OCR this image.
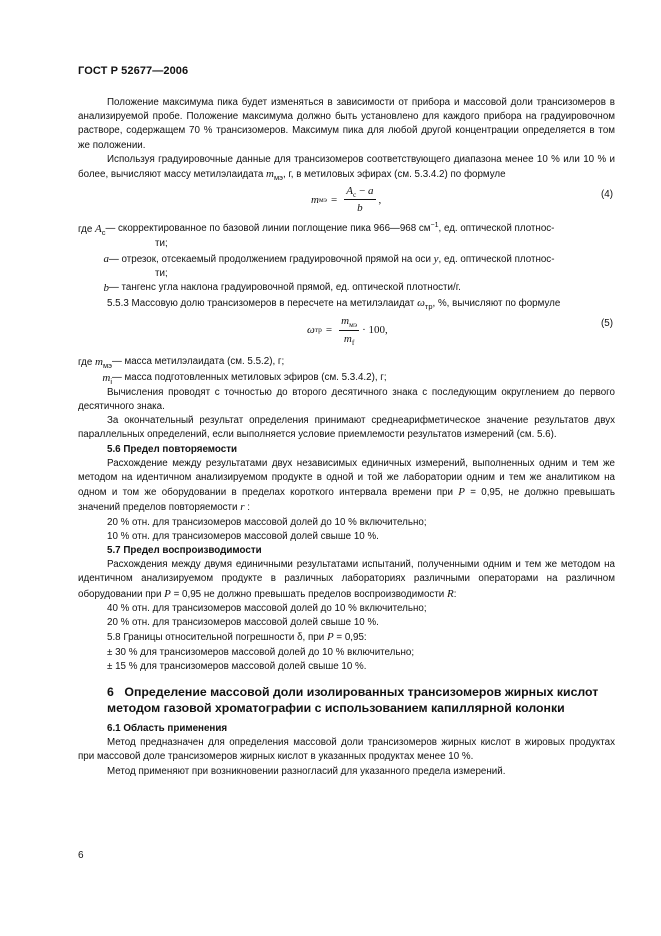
ГОСТ Р 52677—2006

Положение максимума пика будет изменяться в зависимости от прибора и массовой доли трансизомеров в анализируемой пробе. Положение максимума должно быть установлено для каждого прибора на градуировочном растворе, содержащем 70 % трансизомеров. Максимум пика для любой другой концентрации определяется в том же положении.

Используя градуировочные данные для трансизомеров соответствующего диапазона менее 10 % или 10 % и более, вычисляют массу метилэлаидата $m_{мэ}$, г, в метиловых эфирах (см. 5.3.4.2) по формуле

m мэ = $\frac{A_с - a}{b}$ ,	(4)
где $A_с$ — скорректированное по базовой линии поглощение пика 966—968 $см^{-1}$, ед. оптической плотнос-
ти;
a — отрезок, отсекаемый продолжением градуировочной прямой на оси y, ед. оптической плотнос-
ти;
b — тангенс угла наклона градуировочной прямой, ед. оптической плотности/г.

5.5.3 Массовую долю трансизомеров в пересчете на метилэлаидат $\omega_{тр}$, %, вычисляют по формуле

ω тр = $\frac{m_{мэ}}{m_f} \cdot 100$,
(5)
где $m_{мэ}$ — масса метилэлаидата (см. 5.5.2), г;
$m_i$ — масса подготовленных метиловых эфиров (см. 5.3.4.2), г;

Вычисления проводят с точностью до второго десятичного знака с последующим округлением до первого десятичного знака.

За окончательный результат определения принимают среднеарифметическое значение результатов двух параллельных определений, если выполняется условие приемлемости результатов измерений (см. 5.6).

5.6 Предел повторяемости

Расхождение между результатами двух независимых единичных измерений, выполненных одним и тем же методом на идентичном анализируемом продукте в одной и той же лаборатории одним и тем же аналитиком на одном и том же оборудовании в пределах короткого интервала времени при P = 0,95, не должно превышать значений пределов повторяемости r :

20 % отн. для трансизомеров массовой долей до 10 % включительно;

10 % отн. для трансизомеров массовой долей свыше 10 %.

5.7 Предел воспроизводимости

Расхождения между двумя единичными результатами испытаний, полученными одним и тем же методом на идентичном анализируемом продукте в различных лабораториях различными операторами на различном оборудовании при P = 0,95 не должно превышать пределов воспроизводимости R:

40 % отн. для трансизомеров массовой долей до 10 % включительно;

20 % отн. для трансизомеров массовой долей свыше 10 %.

5.8 Границы относительной погрешности δ, при P = 0,95:

± 30 % для трансизомеров массовой долей до 10 % включительно;

± 15 % для трансизомеров массовой долей свыше 10 %.

6 Определение массовой доли изолированных трансизомеров жирных кислот методом газовой хроматографии с использованием капиллярной колонки

6.1 Область применения

Метод предназначен для определения массовой доли трансизомеров жирных кислот в жировых продуктах при массовой доле трансизомеров жирных кислот в указанных продуктах менее 10 %.

Метод применяют при возникновении разногласий для указанного предела измерений.

6
